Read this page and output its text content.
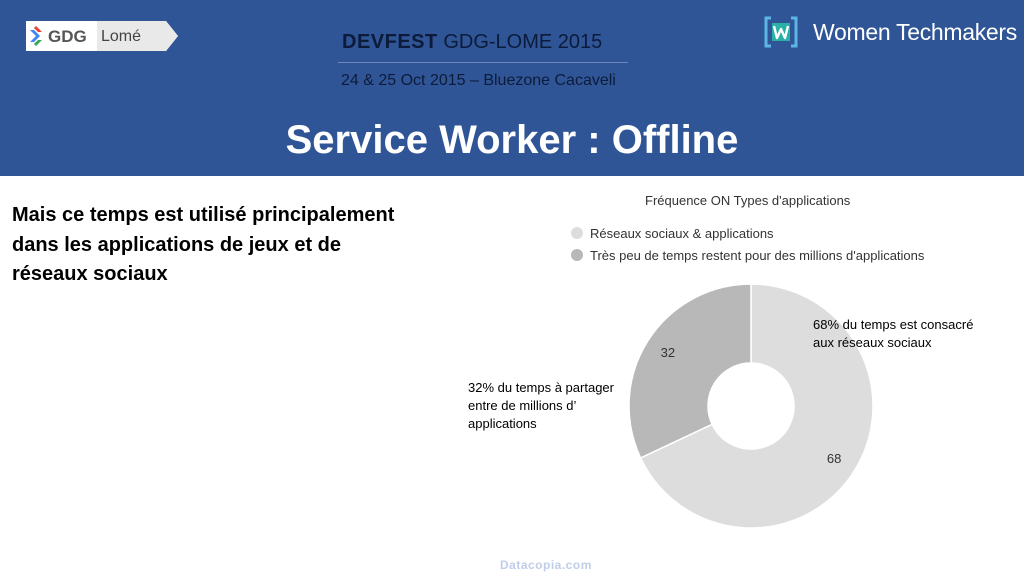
GDG Lomé	DEVFEST GDG-LOME 2015
24 & 25 Oct 2015 – Bluezone Cacaveli
Women Techmakers
Service Worker : Offline
Mais ce temps est utilisé principalement dans les applications de jeux et de réseaux sociaux
Fréquence ON Types d'applications
Réseaux sociaux & applications
Très peu de temps restent pour des millions d'applications
68
32
68% du temps est consacré aux réseaux sociaux
32% du temps à partager entre de millions d’ applications
Datacopia.com
